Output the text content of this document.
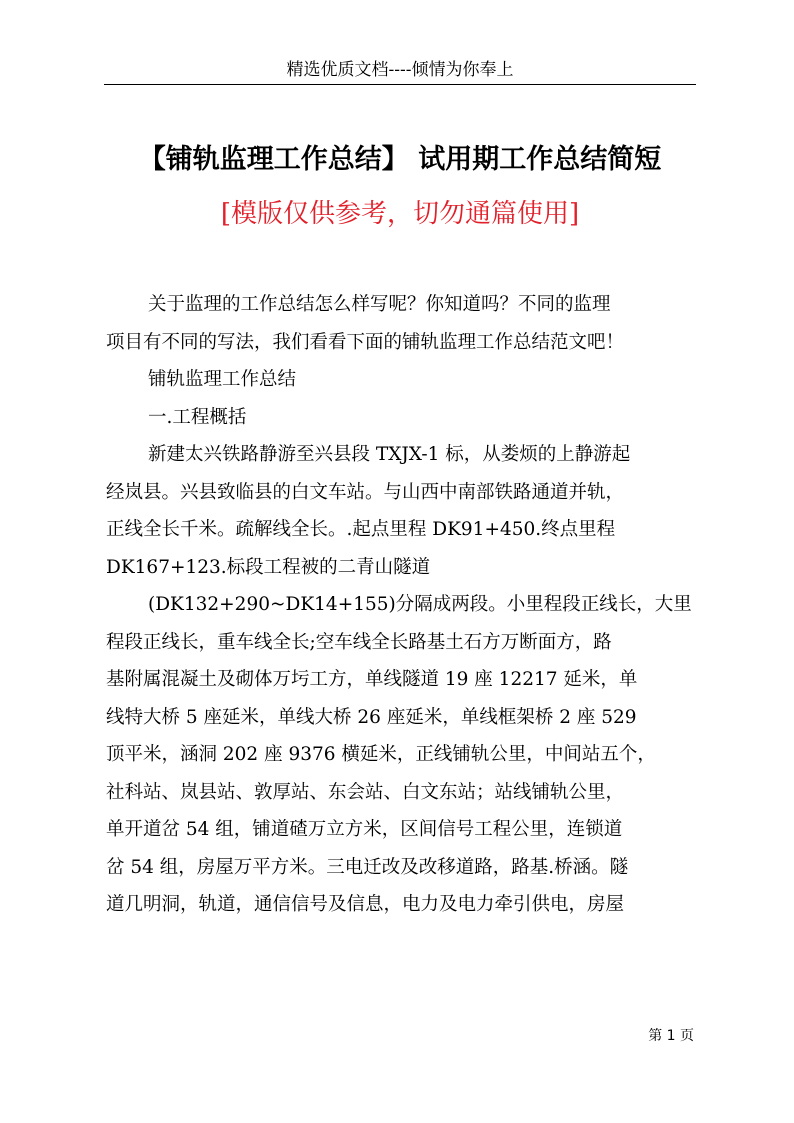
精选优质文档----倾情为你奉上
【铺轨监理工作总结】 试用期工作总结简短
[模版仅供参考，切勿通篇使用]
关于监理的工作总结怎么样写呢？你知道吗？不同的监理
项目有不同的写法，我们看看下面的铺轨监理工作总结范文吧！
铺轨监理工作总结
一.工程概括
新建太兴铁路静游至兴县段 TXJX-1 标，从娄烦的上静游起
经岚县。兴县致临县的白文车站。与山西中南部铁路通道并轨，
正线全长千米。疏解线全长。.起点里程 DK91+450.终点里程
DK167+123.标段工程被的二青山隧道
(DK132+290~DK14+155)分隔成两段。小里程段正线长，大里
程段正线长，重车线全长;空车线全长路基土石方万断面方，路
基附属混凝土及砌体万圬工方，单线隧道 19 座 12217 延米，单
线特大桥 5 座延米，单线大桥 26 座延米，单线框架桥 2 座 529
顶平米，涵洞 202 座 9376 横延米，正线铺轨公里，中间站五个，
社科站、岚县站、敦厚站、东会站、白文东站；站线铺轨公里，
单开道岔 54 组，铺道碴万立方米，区间信号工程公里，连锁道
岔 54 组，房屋万平方米。三电迁改及改移道路，路基.桥涵。隧
道几明洞，轨道，通信信号及信息，电力及电力牵引供电，房屋
第 1 页
